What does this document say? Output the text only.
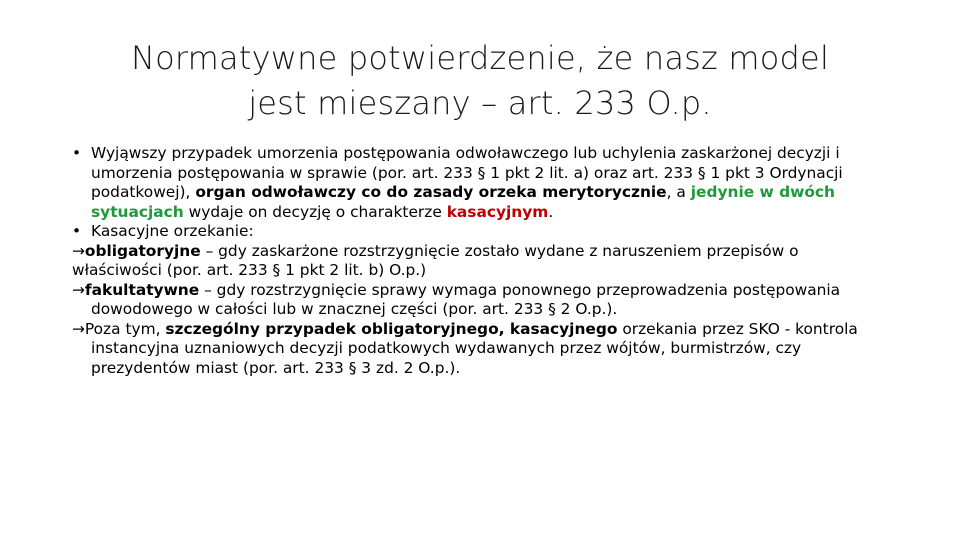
Normatywne potwierdzenie, że nasz model
jest mieszany – art. 233 O.p.
• Wyjąwszy przypadek umorzenia postępowania odwoławczego lub uchylenia zaskarżonej decyzji i umorzenia postępowania w sprawie (por. art. 233 § 1 pkt 2 lit. a) oraz art. 233 § 1 pkt 3 Ordynacji podatkowej), organ odwoławczy co do zasady orzeka merytorycznie, a jedynie w dwóch sytuacjach wydaje on decyzję o charakterze kasacyjnym.
• Kasacyjne orzekanie:
→obligatoryjne – gdy zaskarżone rozstrzygnięcie zostało wydane z naruszeniem przepisów o właściwości (por. art. 233 § 1 pkt 2 lit. b) O.p.)
→fakultatywne – gdy rozstrzygnięcie sprawy wymaga ponownego przeprowadzenia postępowania dowodowego w całości lub w znacznej części (por. art. 233 § 2 O.p.).
→Poza tym, szczególny przypadek obligatoryjnego, kasacyjnego orzekania przez SKO - kontrola instancyjna uznaniowych decyzji podatkowych wydawanych przez wójtów, burmistrzów, czy prezydentów miast (por. art. 233 § 3 zd. 2 O.p.).
